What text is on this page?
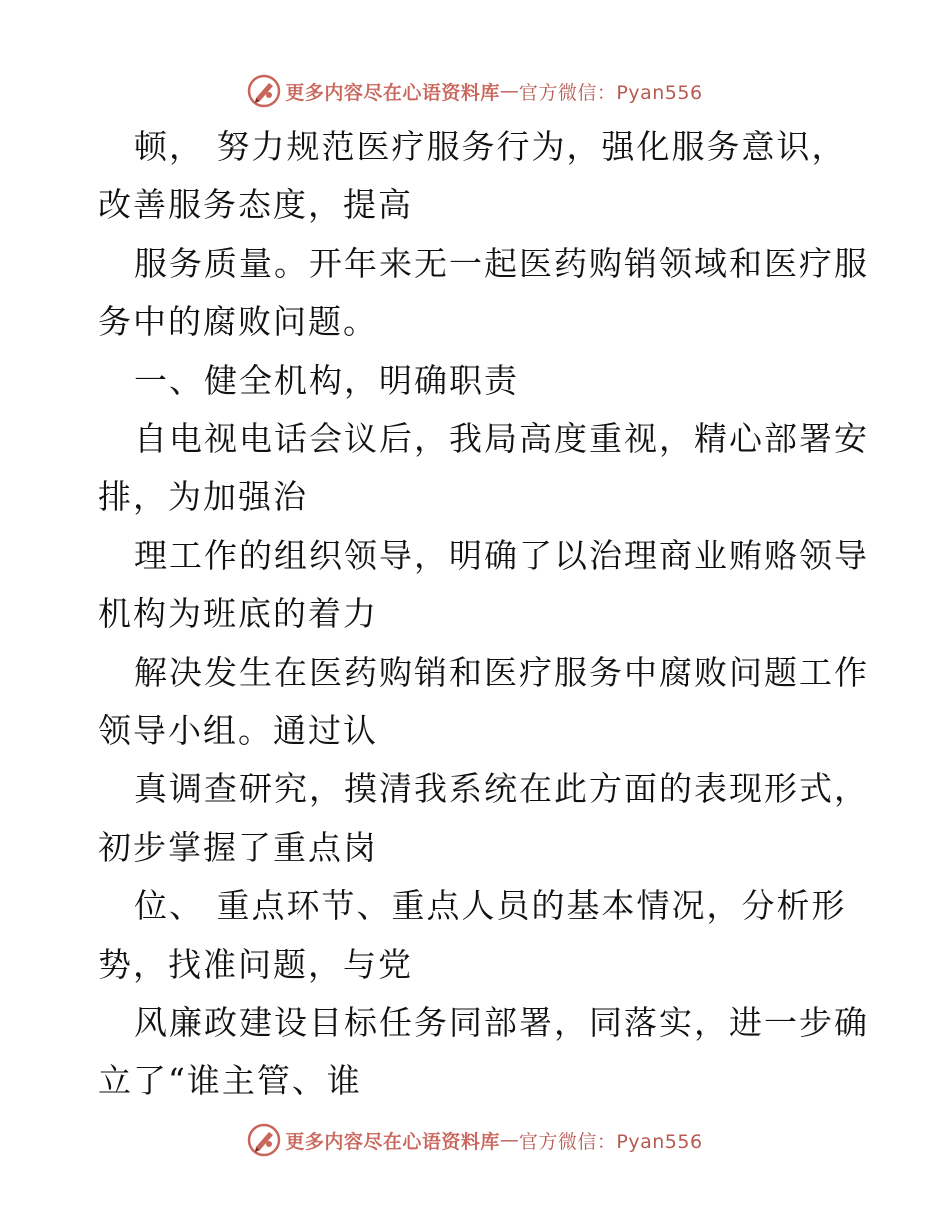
更多内容尽在心语资料库 — 官方微信：Pyan556
顿， 努力规范医疗服务行为，强化服务意识，
改善服务态度，提高
服务质量。开年来无一起医药购销领域和医疗服
务中的腐败问题。
一、健全机构，明确职责
自电视电话会议后，我局高度重视，精心部署安
排，为加强治
理工作的组织领导，明确了以治理商业贿赂领导
机构为班底的着力
解决发生在医药购销和医疗服务中腐败问题工作
领导小组。通过认
真调查研究，摸清我系统在此方面的表现形式，
初步掌握了重点岗
位、 重点环节、重点人员的基本情况，分析形
势，找准问题，与党
风廉政建设目标任务同部署，同落实，进一步确
立了“谁主管、谁
更多内容尽在心语资料库 — 官方微信：Pyan556
